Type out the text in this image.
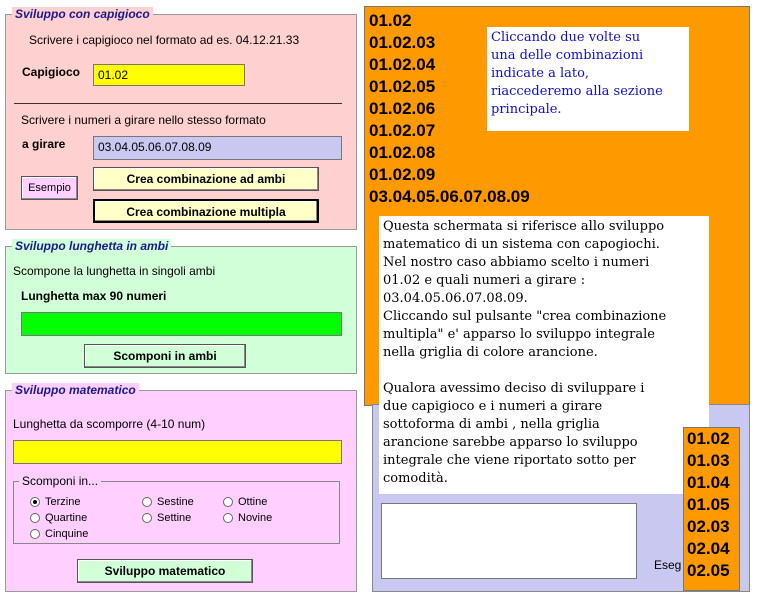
Sviluppo con capigioco
Scrivere i capigioco nel formato ad es. 04.12.21.33
Capigioco	01.02
Scrivere i numeri a girare nello stesso formato
a girare	03.04.05.06.07.08.09
Esempio
Crea combinazione ad ambi
Crea combinazione multipla
Sviluppo lunghetta in ambi
Scompone la lunghetta in singoli ambi
Lunghetta max 90 numeri
Scomponi in ambi
Sviluppo matematico
Lunghetta da scomporre (4-10 num)
Scomponi in...
Terzine
Quartine
Cinquine
Sestine
Settine
Ottine
Novine
Sviluppo matematico
01.02
01.02.03
01.02.04
01.02.05
01.02.06
01.02.07
01.02.08
01.02.09
03.04.05.06.07.08.09
Eseg
Cliccando due volte su
una delle combinazioni
indicate a lato,
riaccederemo alla sezione
principale.
Questa schermata si riferisce allo sviluppo
matematico di un sistema con capogiochi.
Nel nostro caso abbiamo scelto i numeri
01.02 e quali numeri a girare :
03.04.05.06.07.08.09.
Cliccando sul pulsante "crea combinazione
multipla" e' apparso lo sviluppo integrale
nella griglia di colore arancione.
Qualora avessimo deciso di sviluppare i
due capigioco e i numeri a girare
sottoforma di ambi , nella griglia
arancione sarebbe apparso lo sviluppo
integrale che viene riportato sotto per
comodità.
01.02
01.03
01.04
01.05
02.03
02.04
02.05
